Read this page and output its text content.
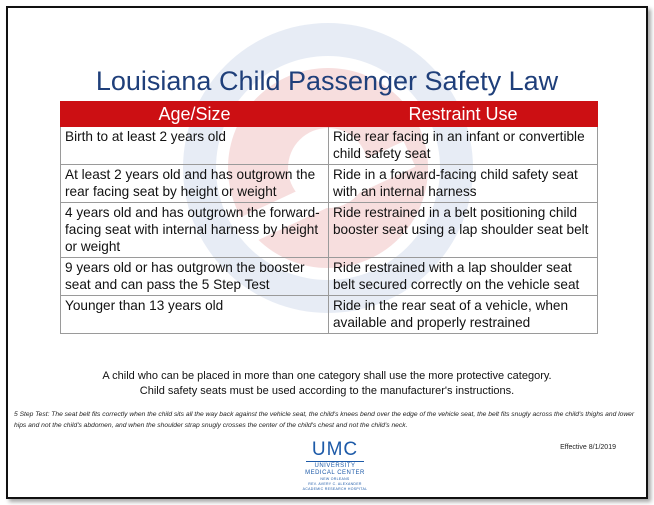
Louisiana Child Passenger Safety Law
Age/Size	Restraint Use
Birth to at least 2 years old	Ride rear facing in an infant or convertible child safety seat
At least 2 years old and has outgrown the rear facing seat by height or weight	Ride in a forward-facing child safety seat with an internal harness
4 years old and has outgrown the forward-facing seat with internal harness by height or weight	Ride restrained in a belt positioning child booster seat using a lap shoulder seat belt
9 years old or has outgrown the booster seat and can pass the 5 Step Test	Ride restrained with a lap shoulder seat belt secured correctly on the vehicle seat
Younger than 13 years old	Ride in the rear seat of a vehicle, when available and properly restrained
A child who can be placed in more than one category shall use the more protective category.
Child safety seats must be used according to the manufacturer's instructions.
5 Step Test: The seat belt fits correctly when the child sits all the way back against the vehicle seat, the child's knees bend over the edge of the vehicle seat, the belt fits snugly across the child's thighs and lower hips and not the child's abdomen, and when the shoulder strap snugly crosses the center of the child's chest and not the child's neck.
Effective 8/1/2019
UMC
UNIVERSITY
MEDICAL CENTER
NEW ORLEANS
REV. AVERY C. ALEXANDER
ACADEMIC RESEARCH HOSPITAL
